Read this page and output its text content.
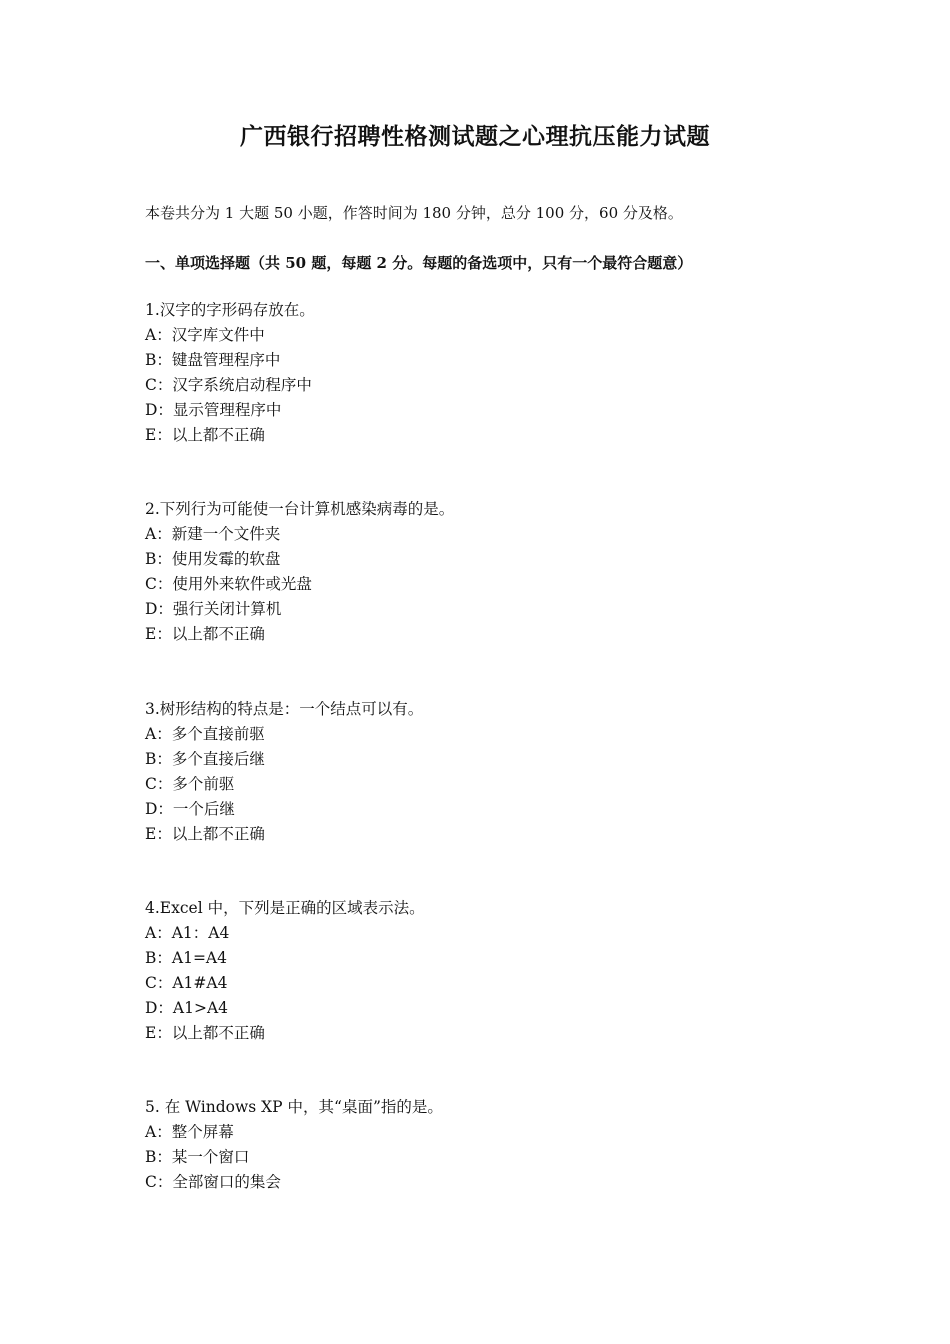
广西银行招聘性格测试题之心理抗压能力试题
本卷共分为 1 大题 50 小题，作答时间为 180 分钟，总分 100 分，60 分及格。
一、单项选择题（共 50 题，每题 2 分。每题的备选项中，只有一个最符合题意）
1.汉字的字形码存放在。
A：汉字库文件中
B：键盘管理程序中
C：汉字系统启动程序中
D：显示管理程序中
E：以上都不正确
2.下列行为可能使一台计算机感染病毒的是。
A：新建一个文件夹
B：使用发霉的软盘
C：使用外来软件或光盘
D：强行关闭计算机
E：以上都不正确
3.树形结构的特点是：一个结点可以有。
A：多个直接前驱
B：多个直接后继
C：多个前驱
D：一个后继
E：以上都不正确
4.Excel 中，下列是正确的区域表示法。
A：A1：A4
B：A1=A4
C：A1#A4
D：A1>A4
E：以上都不正确
5. 在 Windows XP 中，其“桌面”指的是。
A：整个屏幕
B：某一个窗口
C：全部窗口的集会
